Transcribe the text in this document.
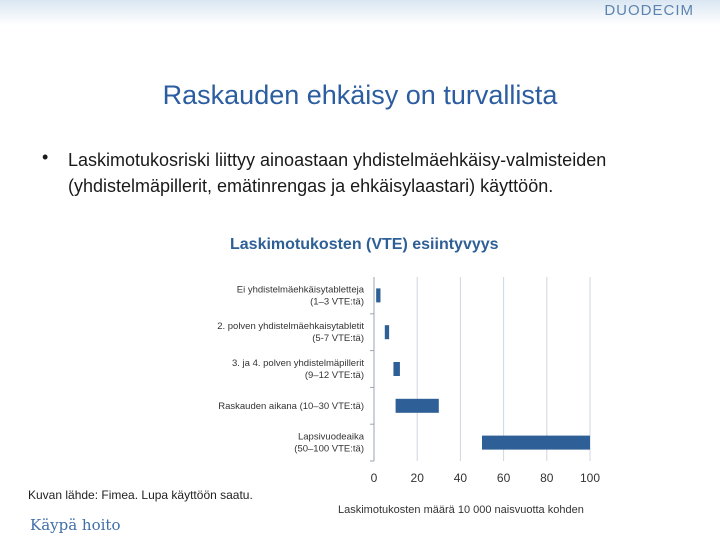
DUODECIM
Raskauden ehkäisy on turvallista
• Laskimotukosriski liittyy ainoastaan yhdistelmäehkäisy-valmisteiden (yhdistelmäpillerit, emätinrengas ja ehkäisylaastari) käyttöön.
Laskimotukosten (VTE) esiintyvyys
Ei yhdistelmäehkäisytabletteja
(1–3 VTE:tä)
2. polven yhdistelmäehkaisytabletit
(5-7 VTE:tä)
3. ja 4. polven yhdistelmäpillerit
(9–12 VTE:tä)
Raskauden aikana (10–30 VTE:tä)
Lapsivuodeaika
(50–100 VTE:tä)
0	20 40 60 80 100
Laskimotukosten määrä 10 000 naisvuotta kohden
Kuvan lähde: Fimea. Lupa käyttöön saatu.
Käypä hoito
